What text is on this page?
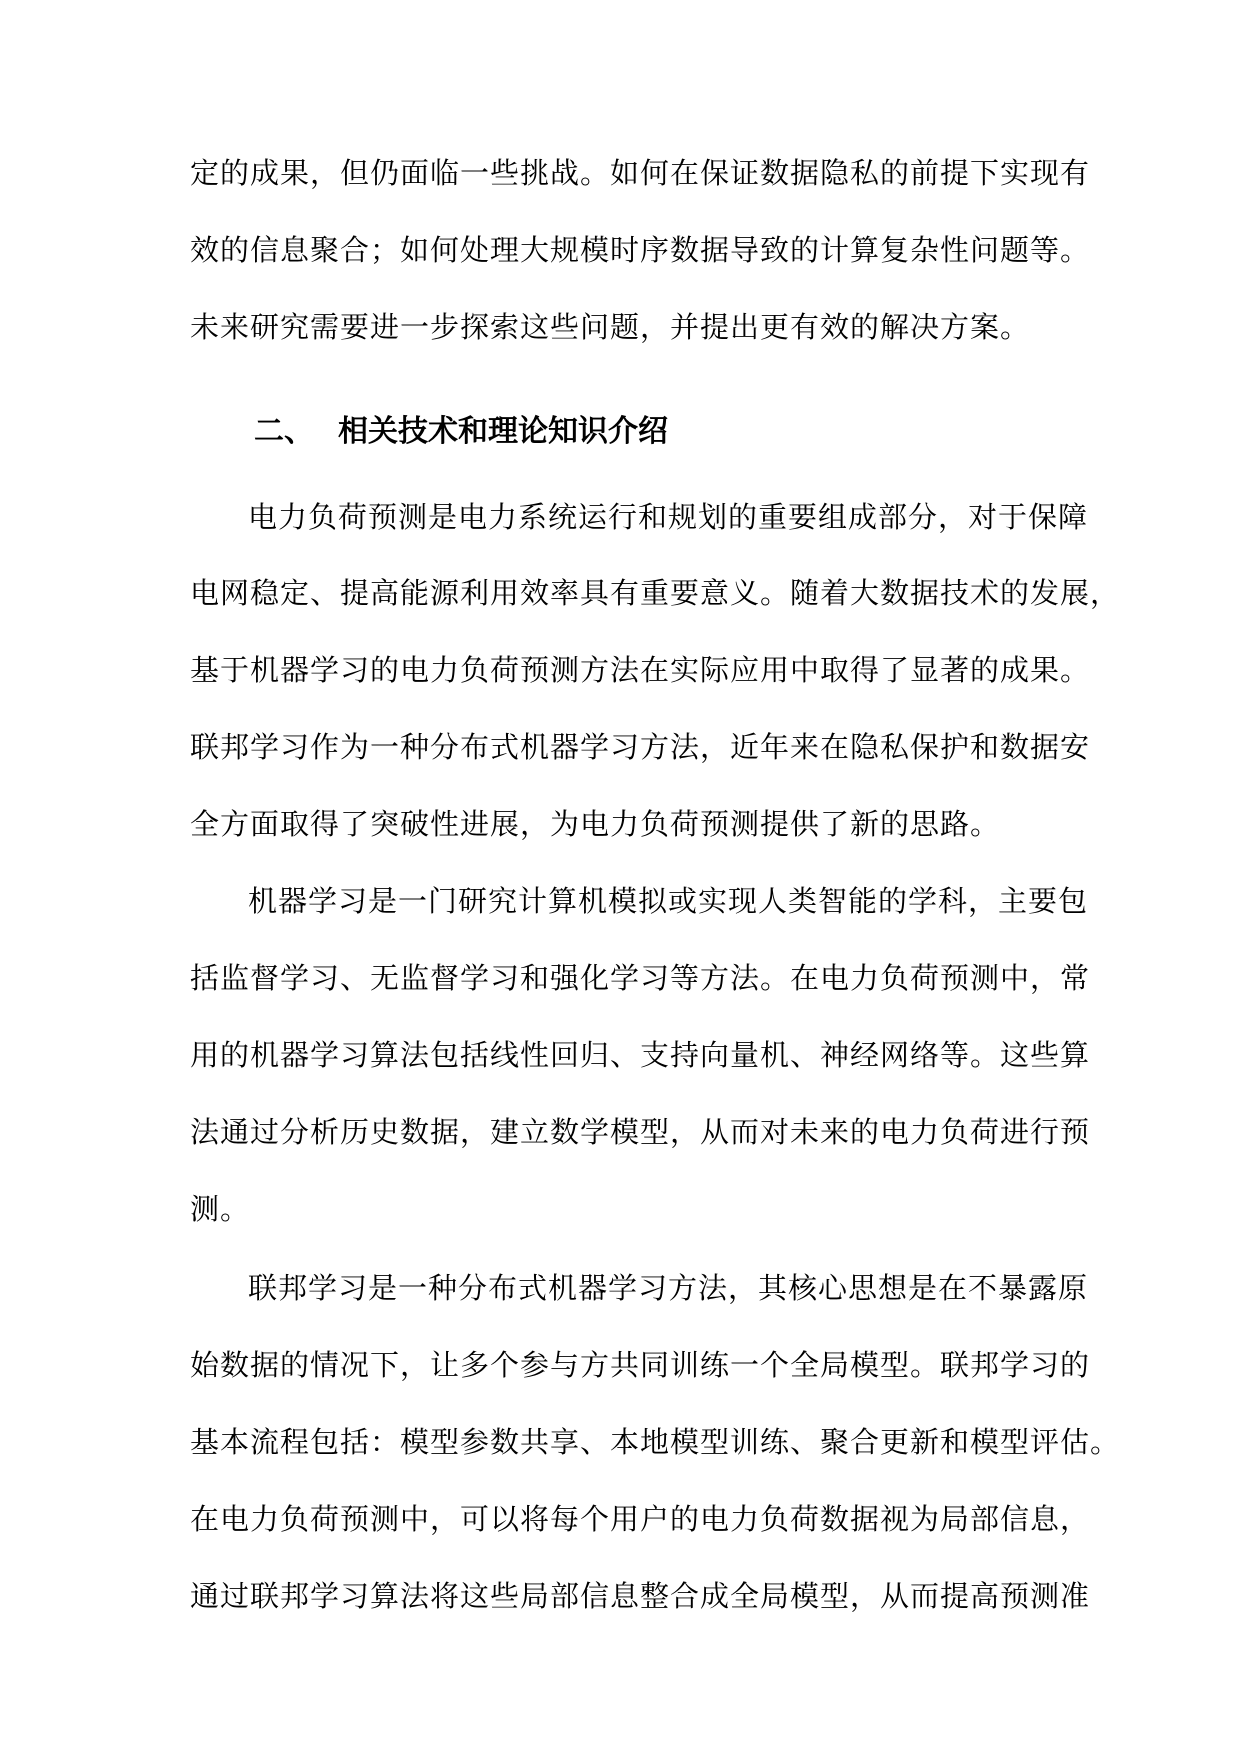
定的成果，但仍面临一些挑战。如何在保证数据隐私的前提下实现有
效的信息聚合；如何处理大规模时序数据导致的计算复杂性问题等。
未来研究需要进一步探索这些问题，并提出更有效的解决方案。
二、 相关技术和理论知识介绍
电力负荷预测是电力系统运行和规划的重要组成部分，对于保障
电网稳定、提高能源利用效率具有重要意义。随着大数据技术的发展，
基于机器学习的电力负荷预测方法在实际应用中取得了显著的成果。
联邦学习作为一种分布式机器学习方法，近年来在隐私保护和数据安
全方面取得了突破性进展，为电力负荷预测提供了新的思路。
机器学习是一门研究计算机模拟或实现人类智能的学科，主要包
括监督学习、无监督学习和强化学习等方法。在电力负荷预测中，常
用的机器学习算法包括线性回归、支持向量机、神经网络等。这些算
法通过分析历史数据，建立数学模型，从而对未来的电力负荷进行预
测。
联邦学习是一种分布式机器学习方法，其核心思想是在不暴露原
始数据的情况下，让多个参与方共同训练一个全局模型。联邦学习的
基本流程包括：模型参数共享、本地模型训练、聚合更新和模型评估。
在电力负荷预测中，可以将每个用户的电力负荷数据视为局部信息，
通过联邦学习算法将这些局部信息整合成全局模型，从而提高预测准
